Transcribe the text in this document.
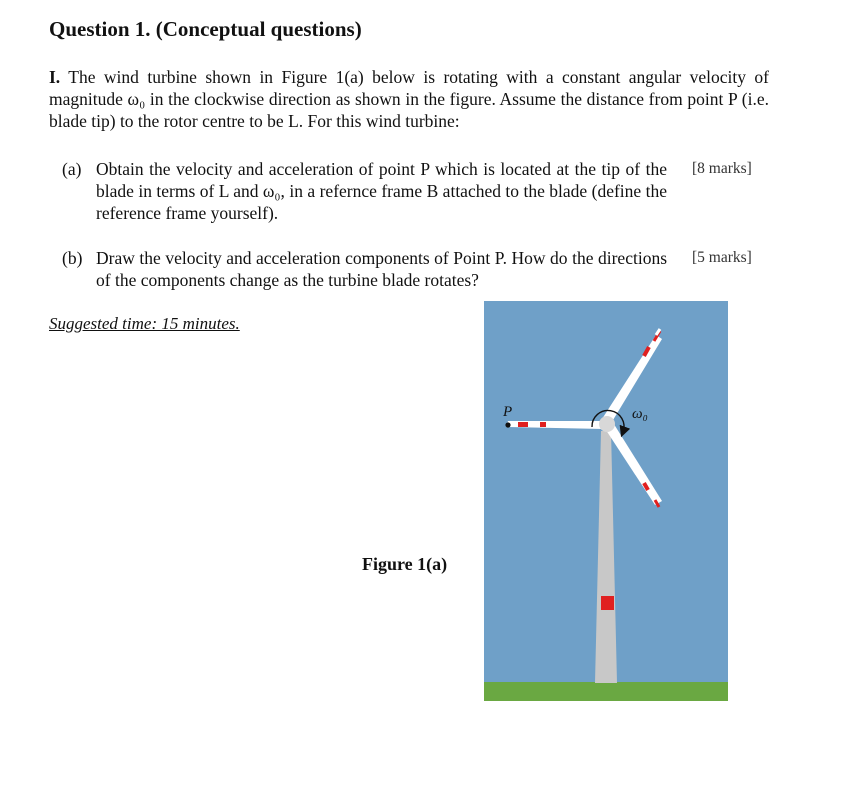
Question 1. (Conceptual questions)
I. The wind turbine shown in Figure 1(a) below is rotating with a constant angular velocity of magnitude ω₀ in the clockwise direction as shown in the figure. Assume the distance from point P (i.e. blade tip) to the rotor centre to be L. For this wind turbine:
(a) Obtain the velocity and acceleration of point P which is located at the tip of the blade in terms of L and ω₀, in a refernce frame B attached to the blade (define the reference frame yourself).
[8 marks]
(b) Draw the velocity and acceleration components of Point P. How do the directions of the components change as the turbine blade rotates?
[5 marks]
Suggested time: 15 minutes.
Figure 1(a)
P	ω₀
